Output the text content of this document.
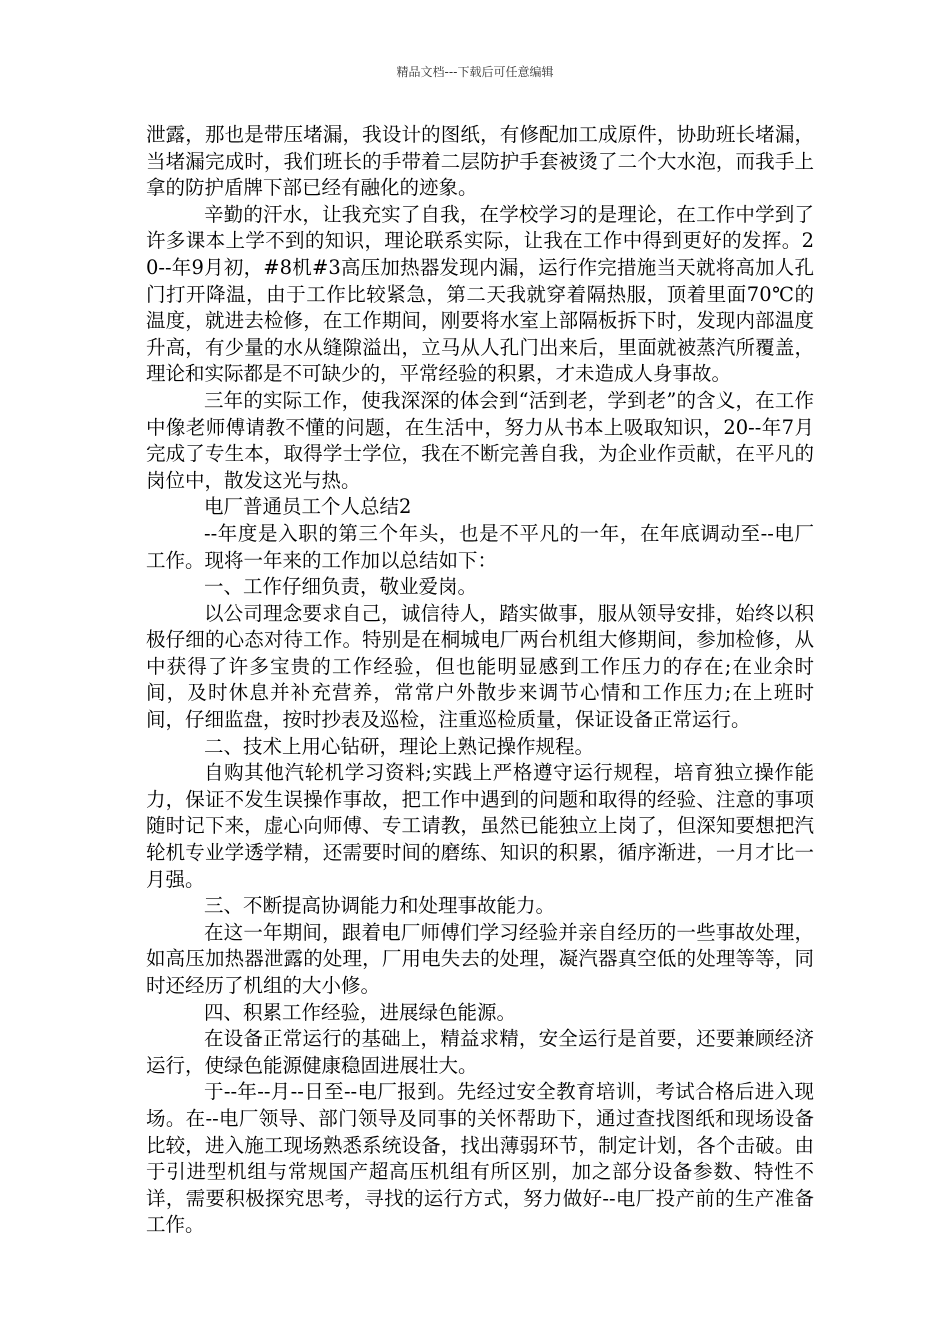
精品文档---下载后可任意编辑

泄露，那也是带压堵漏，我设计的图纸，有修配加工成原件，协助班长堵漏，当堵漏完成时，我们班长的手带着二层防护手套被烫了二个大水泡，而我手上拿的防护盾牌下部已经有融化的迹象。

辛勤的汗水，让我充实了自我，在学校学习的是理论，在工作中学到了许多课本上学不到的知识，理论联系实际，让我在工作中得到更好的发挥。20--年9月初，#8机#3高压加热器发现内漏，运行作完措施当天就将高加人孔门打开降温，由于工作比较紧急，第二天我就穿着隔热服，顶着里面70℃的温度，就进去检修，在工作期间，刚要将水室上部隔板拆下时，发现内部温度升高，有少量的水从缝隙溢出，立马从人孔门出来后，里面就被蒸汽所覆盖，理论和实际都是不可缺少的，平常经验的积累，才未造成人身事故。

三年的实际工作，使我深深的体会到“活到老，学到老”的含义，在工作中像老师傅请教不懂的问题，在生活中，努力从书本上吸取知识，20--年7月完成了专生本，取得学士学位，我在不断完善自我，为企业作贡献，在平凡的岗位中，散发这光与热。

电厂普通员工个人总结2

--年度是入职的第三个年头，也是不平凡的一年，在年底调动至--电厂工作。现将一年来的工作加以总结如下：

一、工作仔细负责，敬业爱岗。

以公司理念要求自己，诚信待人，踏实做事，服从领导安排，始终以积极仔细的心态对待工作。特别是在桐城电厂两台机组大修期间，参加检修，从中获得了许多宝贵的工作经验，但也能明显感到工作压力的存在;在业余时间，及时休息并补充营养，常常户外散步来调节心情和工作压力;在上班时间，仔细监盘，按时抄表及巡检，注重巡检质量，保证设备正常运行。

二、技术上用心钻研，理论上熟记操作规程。

自购其他汽轮机学习资料;实践上严格遵守运行规程，培育独立操作能力，保证不发生误操作事故，把工作中遇到的问题和取得的经验、注意的事项随时记下来，虚心向师傅、专工请教，虽然已能独立上岗了，但深知要想把汽轮机专业学透学精，还需要时间的磨练、知识的积累，循序渐进，一月才比一月强。

三、不断提高协调能力和处理事故能力。

在这一年期间，跟着电厂师傅们学习经验并亲自经历的一些事故处理，如高压加热器泄露的处理，厂用电失去的处理，凝汽器真空低的处理等等，同时还经历了机组的大小修。

四、积累工作经验，进展绿色能源。

在设备正常运行的基础上，精益求精，安全运行是首要，还要兼顾经济运行，使绿色能源健康稳固进展壮大。

于--年--月--日至--电厂报到。先经过安全教育培训，考试合格后进入现场。在--电厂领导、部门领导及同事的关怀帮助下，通过查找图纸和现场设备比较，进入施工现场熟悉系统设备，找出薄弱环节，制定计划，各个击破。由于引进型机组与常规国产超高压机组有所区别，加之部分设备参数、特性不详，需要积极探究思考，寻找的运行方式，努力做好--电厂投产前的生产准备工作。
